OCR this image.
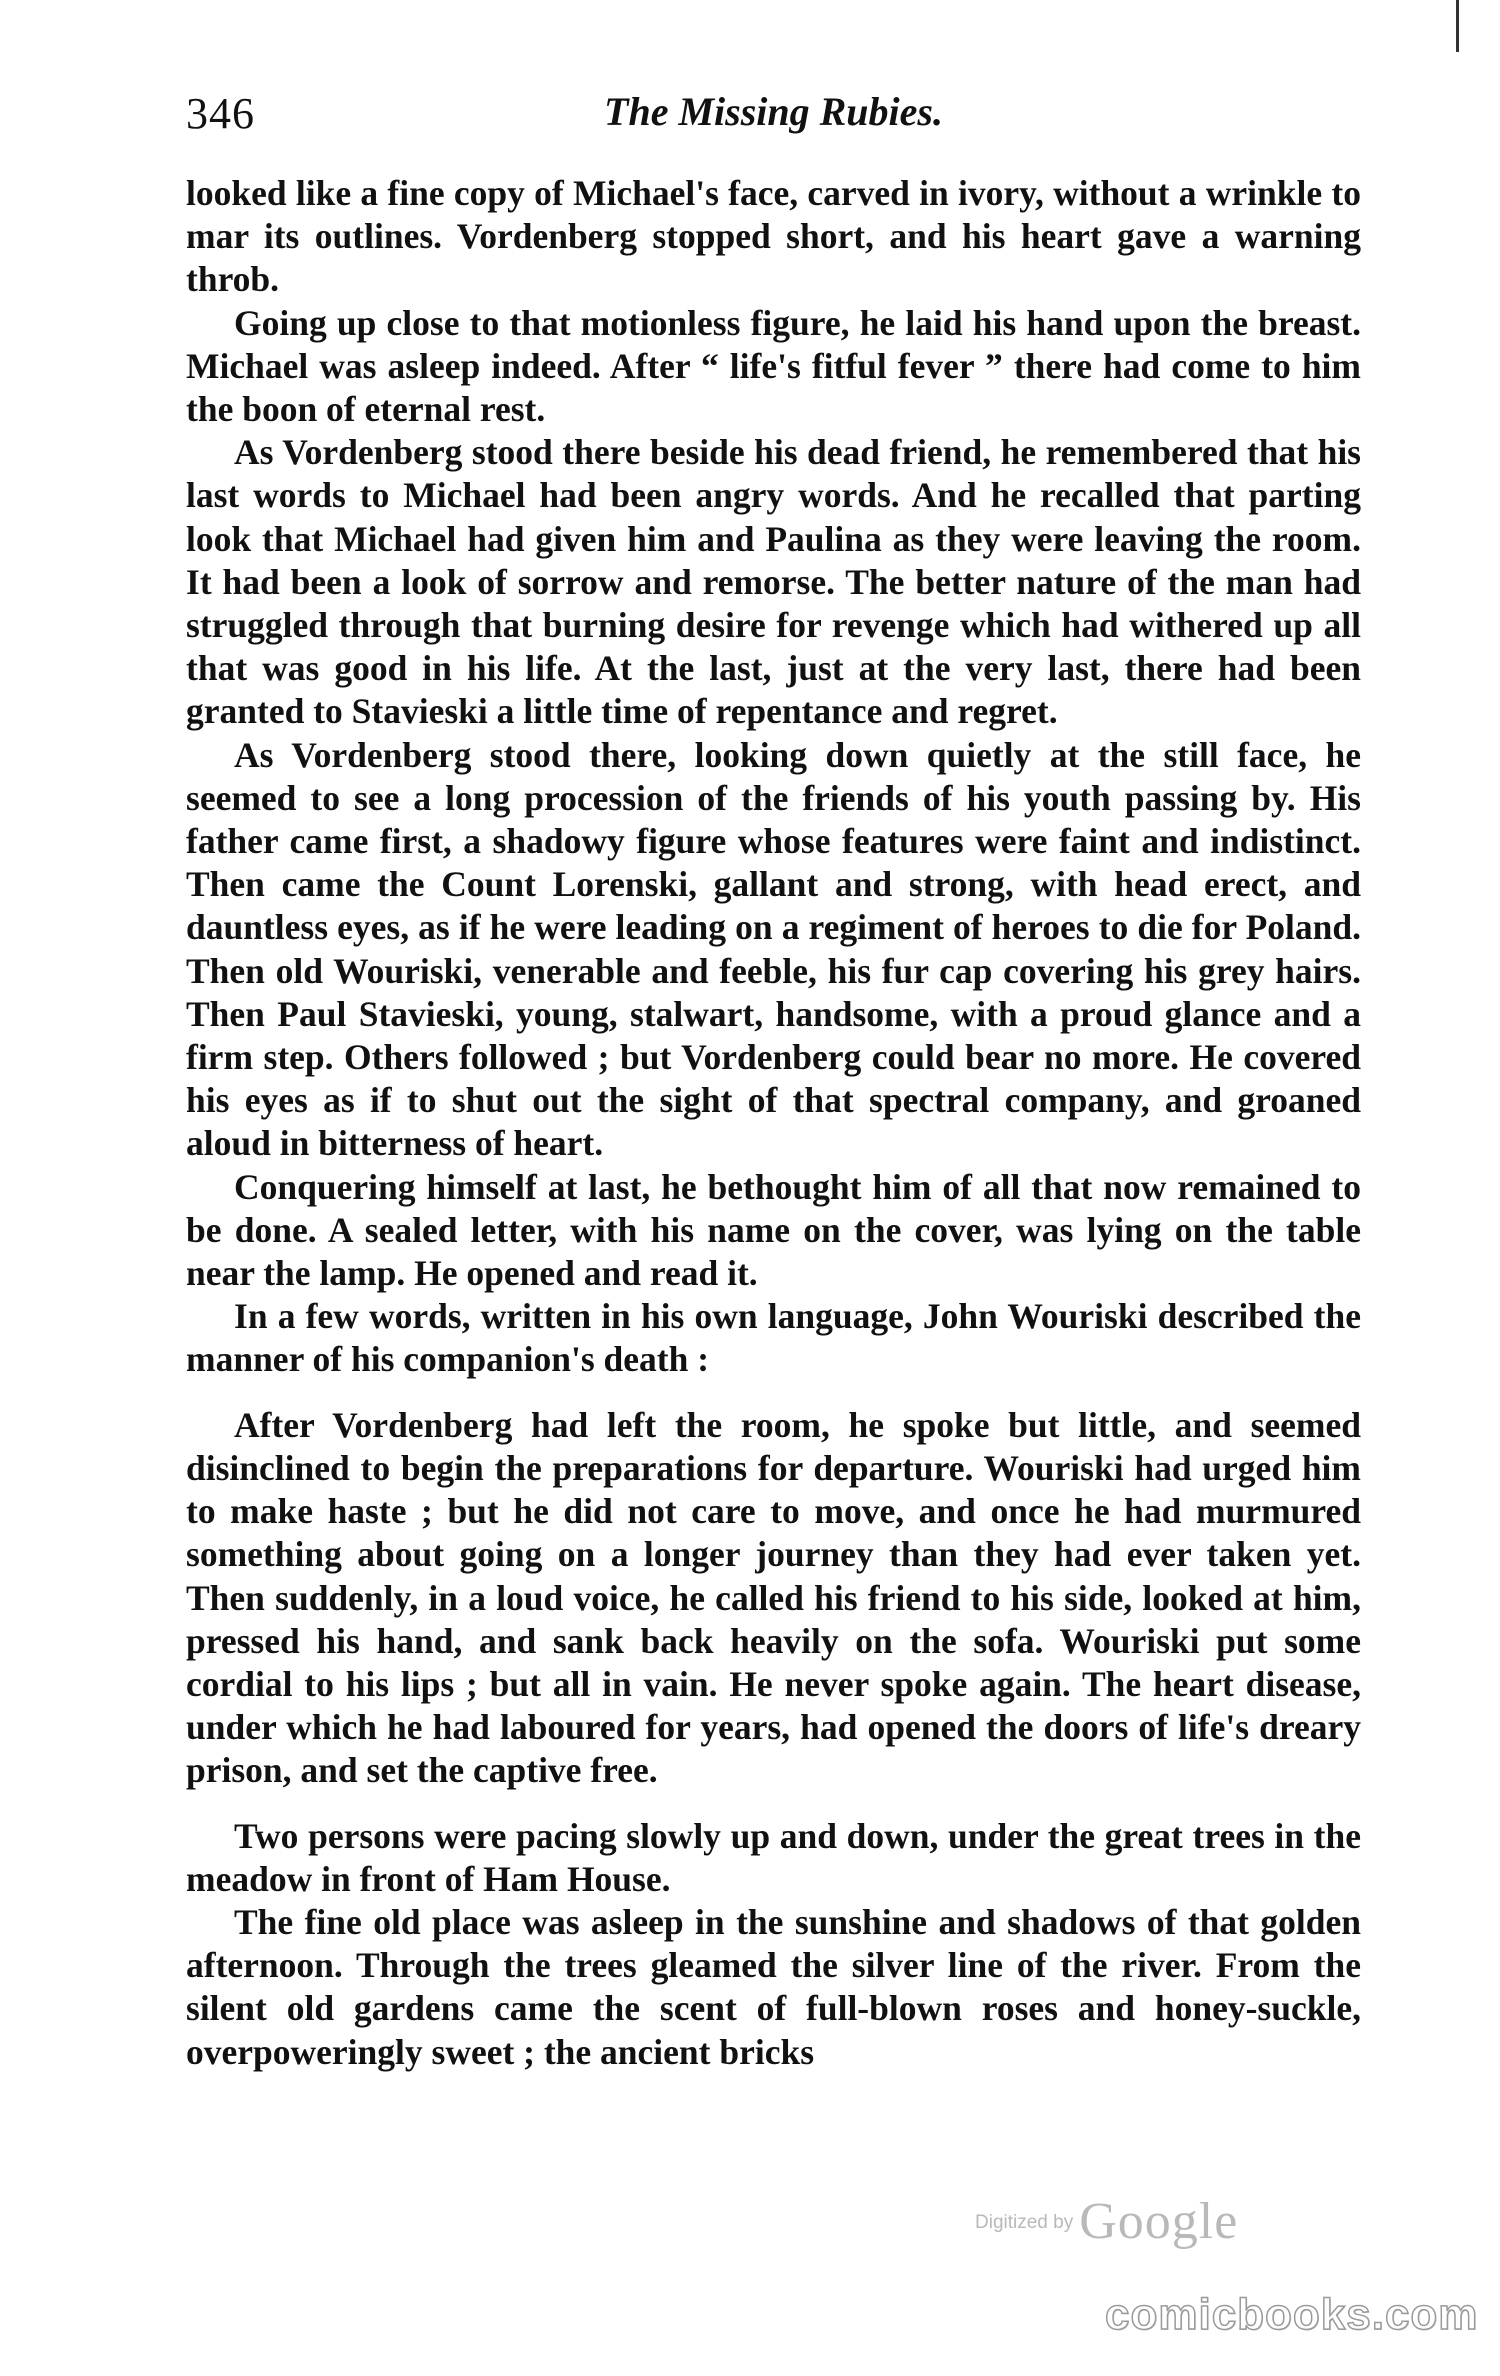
346	The Missing Rubies.

looked like a fine copy of Michael's face, carved in ivory, without a wrinkle to mar its outlines. Vordenberg stopped short, and his heart gave a warning throb.

Going up close to that motionless figure, he laid his hand upon the breast. Michael was asleep indeed. After “ life's fitful fever ” there had come to him the boon of eternal rest.

As Vordenberg stood there beside his dead friend, he remembered that his last words to Michael had been angry words. And he recalled that parting look that Michael had given him and Paulina as they were leaving the room. It had been a look of sorrow and remorse. The better nature of the man had struggled through that burning desire for revenge which had withered up all that was good in his life. At the last, just at the very last, there had been granted to Stavieski a little time of repentance and regret.

As Vordenberg stood there, looking down quietly at the still face, he seemed to see a long procession of the friends of his youth passing by. His father came first, a shadowy figure whose features were faint and indistinct. Then came the Count Lorenski, gallant and strong, with head erect, and dauntless eyes, as if he were leading on a regiment of heroes to die for Poland. Then old Wouriski, venerable and feeble, his fur cap covering his grey hairs. Then Paul Stavieski, young, stalwart, handsome, with a proud glance and a firm step. Others followed ; but Vordenberg could bear no more. He covered his eyes as if to shut out the sight of that spectral company, and groaned aloud in bitterness of heart.

Conquering himself at last, he bethought him of all that now remained to be done. A sealed letter, with his name on the cover, was lying on the table near the lamp. He opened and read it.

In a few words, written in his own language, John Wouriski described the manner of his companion's death :

After Vordenberg had left the room, he spoke but little, and seemed disinclined to begin the preparations for departure. Wouriski had urged him to make haste ; but he did not care to move, and once he had murmured something about going on a longer journey than they had ever taken yet. Then suddenly, in a loud voice, he called his friend to his side, looked at him, pressed his hand, and sank back heavily on the sofa. Wouriski put some cordial to his lips ; but all in vain. He never spoke again. The heart disease, under which he had laboured for years, had opened the doors of life's dreary prison, and set the captive free.

Two persons were pacing slowly up and down, under the great trees in the meadow in front of Ham House.

The fine old place was asleep in the sunshine and shadows of that golden afternoon. Through the trees gleamed the silver line of the river. From the silent old gardens came the scent of full-blown roses and honey-suckle, overpoweringly sweet ; the ancient bricks

Digitized by Google
comicbooks.com
